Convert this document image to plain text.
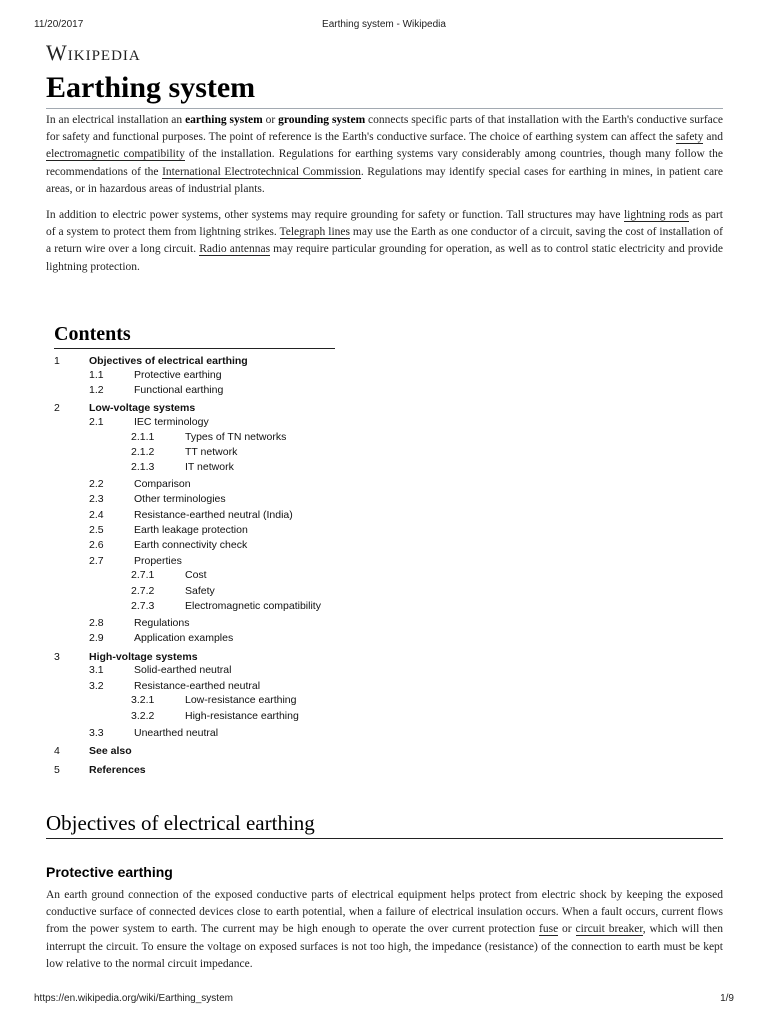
11/20/2017	Earthing system - Wikipedia
Wikipedia
Earthing system

In an electrical installation an earthing system or grounding system connects specific parts of that installation with the Earth's conductive surface for safety and functional purposes. The point of reference is the Earth's conductive surface. The choice of earthing system can affect the safety and electromagnetic compatibility of the installation. Regulations for earthing systems vary considerably among countries, though many follow the recommendations of the International Electrotechnical Commission. Regulations may identify special cases for earthing in mines, in patient care areas, or in hazardous areas of industrial plants.

In addition to electric power systems, other systems may require grounding for safety or function. Tall structures may have lightning rods as part of a system to protect them from lightning strikes. Telegraph lines may use the Earth as one conductor of a circuit, saving the cost of installation of a return wire over a long circuit. Radio antennas may require particular grounding for operation, as well as to control static electricity and provide lightning protection.

Contents
1	Objectives of electrical earthing
1.1	Protective earthing
1.2	Functional earthing
2	Low-voltage systems
2.1	IEC terminology
2.1.1	Types of TN networks
2.1.2	TT network
2.1.3	IT network
2.2	Comparison
2.3	Other terminologies
2.4	Resistance-earthed neutral (India)
2.5	Earth leakage protection
2.6	Earth connectivity check
2.7	Properties
2.7.1	Cost
2.7.2	Safety
2.7.3	Electromagnetic compatibility
2.8	Regulations
2.9	Application examples
3	High-voltage systems
3.1	Solid-earthed neutral
3.2	Resistance-earthed neutral
3.2.1	Low-resistance earthing
3.2.2	High-resistance earthing
3.3	Unearthed neutral
4	See also
5	References
Objectives of electrical earthing
Protective earthing

An earth ground connection of the exposed conductive parts of electrical equipment helps protect from electric shock by keeping the exposed conductive surface of connected devices close to earth potential, when a failure of electrical insulation occurs. When a fault occurs, current flows from the power system to earth. The current may be high enough to operate the over current protection fuse or circuit breaker, which will then interrupt the circuit. To ensure the voltage on exposed surfaces is not too high, the impedance (resistance) of the connection to earth must be kept low relative to the normal circuit impedance.

https://en.wikipedia.org/wiki/Earthing_system	1/9
